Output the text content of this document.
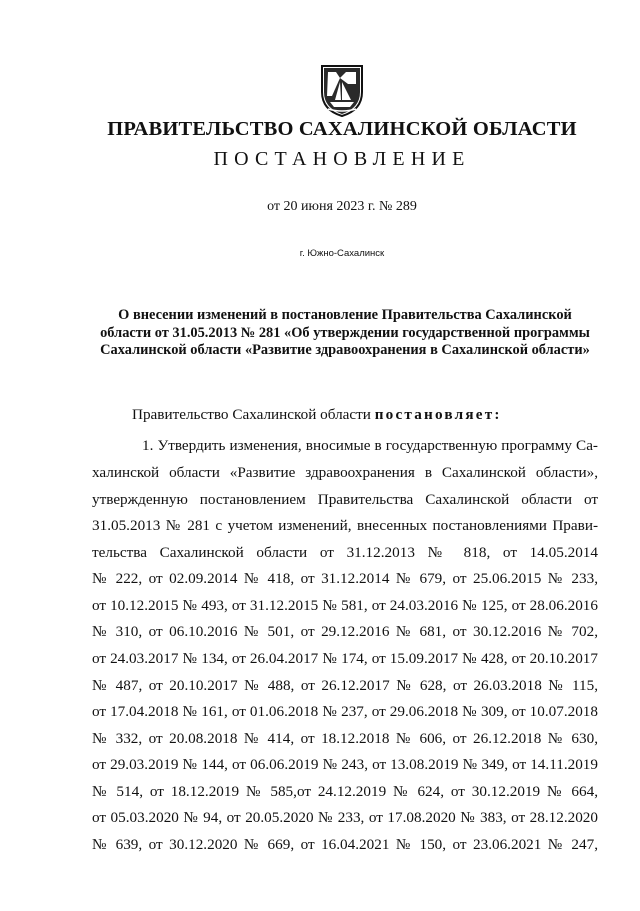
ПРАВИТЕЛЬСТВО САХАЛИНСКОЙ ОБЛАСТИ
ПОСТАНОВЛЕНИЕ
от 20 июня 2023 г. № 289
г. Южно-Сахалинск
О внесении изменений в постановление Правительства Сахалинской области от 31.05.2013 № 281 «Об утверждении государственной программы Сахалинской области «Развитие здравоохранения в Сахалинской области»
Правительство Сахалинской области постановляет:
1. Утвердить изменения, вносимые в государственную программу Са-
халинской области «Развитие здравоохранения в Сахалинской области»,
утвержденную постановлением Правительства Сахалинской области от
31.05.2013 № 281 с учетом изменений, внесенных постановлениями Прави-
тельства Сахалинской области от 31.12.2013 № 818, от 14.05.2014
№ 222, от 02.09.2014 № 418, от 31.12.2014 № 679, от 25.06.2015 № 233,
от 10.12.2015 № 493, от 31.12.2015 № 581, от 24.03.2016 № 125, от 28.06.2016
№ 310, от 06.10.2016 № 501, от 29.12.2016 № 681, от 30.12.2016 № 702,
от 24.03.2017 № 134, от 26.04.2017 № 174, от 15.09.2017 № 428, от 20.10.2017
№ 487, от 20.10.2017 № 488, от 26.12.2017 № 628, от 26.03.2018 № 115,
от 17.04.2018 № 161, от 01.06.2018 № 237, от 29.06.2018 № 309, от 10.07.2018
№ 332, от 20.08.2018 № 414, от 18.12.2018 № 606, от 26.12.2018 № 630,
от 29.03.2019 № 144, от 06.06.2019 № 243, от 13.08.2019 № 349, от 14.11.2019
№ 514, от 18.12.2019 № 585,от 24.12.2019 № 624, от 30.12.2019 № 664,
от 05.03.2020 № 94, от 20.05.2020 № 233, от 17.08.2020 № 383, от 28.12.2020
№ 639, от 30.12.2020 № 669, от 16.04.2021 № 150, от 23.06.2021 № 247,
